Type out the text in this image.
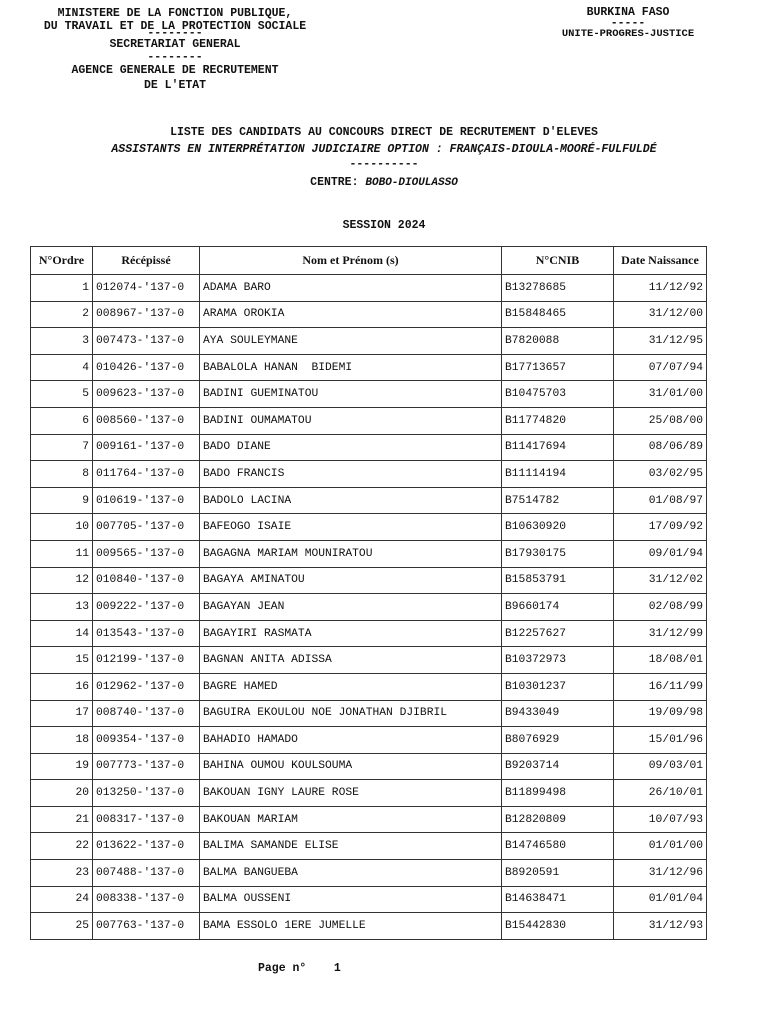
MINISTERE DE LA FONCTION PUBLIQUE,
DU TRAVAIL ET DE LA PROTECTION SOCIALE
SECRETARIAT GENERAL
--------
AGENCE GENERALE DE RECRUTEMENT
DE L'ETAT
BURKINA FASO
-----
UNITE-PROGRES-JUSTICE
LISTE DES CANDIDATS AU CONCOURS DIRECT DE RECRUTEMENT D'ELEVES
ASSISTANTS EN INTERPRÉTATION JUDICIAIRE OPTION : FRANÇAIS-DIOULA-MOORÉ-FULFULDÉ
----------
CENTRE: BOBO-DIOULASSO
SESSION 2024
N°Ordre	Récépissé	Nom et Prénom (s)	N°CNIB	Date Naissance
1	012074-'137-0	ADAMA BARO	B13278685	11/12/92
2	008967-'137-0	ARAMA OROKIA	B15848465	31/12/00
3	007473-'137-0	AYA SOULEYMANE	B7820088	31/12/95
4	010426-'137-0	BABALOLA HANAN  BIDEMI	B17713657	07/07/94
5	009623-'137-0	BADINI GUEMINATOU	B10475703	31/01/00
6	008560-'137-0	BADINI OUMAMATOU	B11774820	25/08/00
7	009161-'137-0	BADO DIANE	B11417694	08/06/89
8	011764-'137-0	BADO FRANCIS	B11114194	03/02/95
9	010619-'137-0	BADOLO LACINA	B7514782	01/08/97
10	007705-'137-0	BAFEOGO ISAIE	B10630920	17/09/92
11	009565-'137-0	BAGAGNA MARIAM MOUNIRATOU	B17930175	09/01/94
12	010840-'137-0	BAGAYA AMINATOU	B15853791	31/12/02
13	009222-'137-0	BAGAYAN JEAN	B9660174	02/08/99
14	013543-'137-0	BAGAYIRI RASMATA	B12257627	31/12/99
15	012199-'137-0	BAGNAN ANITA ADISSA	B10372973	18/08/01
16	012962-'137-0	BAGRE HAMED	B10301237	16/11/99
17	008740-'137-0	BAGUIRA EKOULOU NOE JONATHAN DJIBRIL	B9433049	19/09/98
18	009354-'137-0	BAHADIO HAMADO	B8076929	15/01/96
19	007773-'137-0	BAHINA OUMOU KOULSOUMA	B9203714	09/03/01
20	013250-'137-0	BAKOUAN IGNY LAURE ROSE	B11899498	26/10/01
21	008317-'137-0	BAKOUAN MARIAM	B12820809	10/07/93
22	013622-'137-0	BALIMA SAMANDE ELISE	B14746580	01/01/00
23	007488-'137-0	BALMA BANGUEBA	B8920591	31/12/96
24	008338-'137-0	BALMA OUSSENI	B14638471	01/01/04
25	007763-'137-0	BAMA ESSOLO 1ERE JUMELLE	B15442830	31/12/93
Page n° 1
